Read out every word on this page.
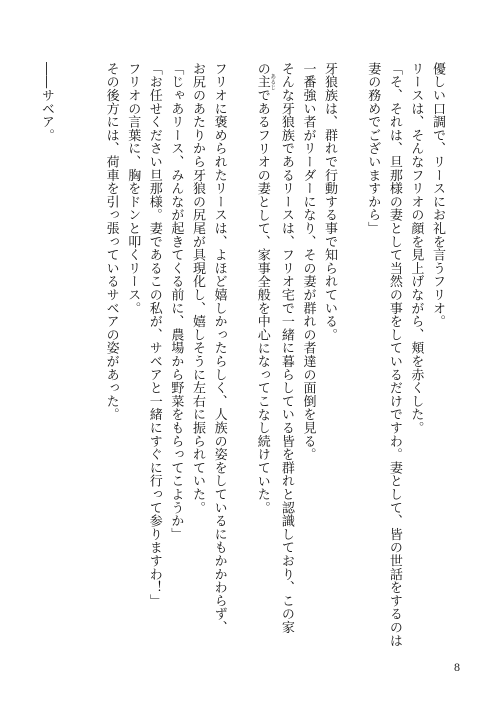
優しい口調で、リースにお礼を言うフリオ。
リースは、そんなフリオの顔を見上げながら、頬を赤くした。
「そ、それは、旦那様の妻として当然の事をしているだけですわ。妻として、皆の世話をするのは
妻の務めでございますから」
牙狼族は、群れで行動する事で知られている。
一番強い者がリーダーになり、その妻が群れの者達の面倒を見る。
そんな牙狼族であるリースは、フリオ宅で一緒に暮らしている皆を群れと認識しており、この家
の主 あるじであるフリオの妻として、家事全般を中心になってこなし続けていた。
フリオに褒められたリースは、よほど嬉しかったらしく、人族の姿をしているにもかかわらず、
お尻のあたりから牙狼の尻尾が具現化し、嬉しそうに左右に振られていた。
「じゃあリース、みんなが起きてくる前に、農場から野菜をもらってこようか」
「お任せください旦那様。妻であるこの私が、サベアと一緒にすぐに行って参りますわ！」
フリオの言葉に、胸をドンと叩くリース。
その後方には、荷車を引っ張っているサベアの姿があった。
――サベア。
8
